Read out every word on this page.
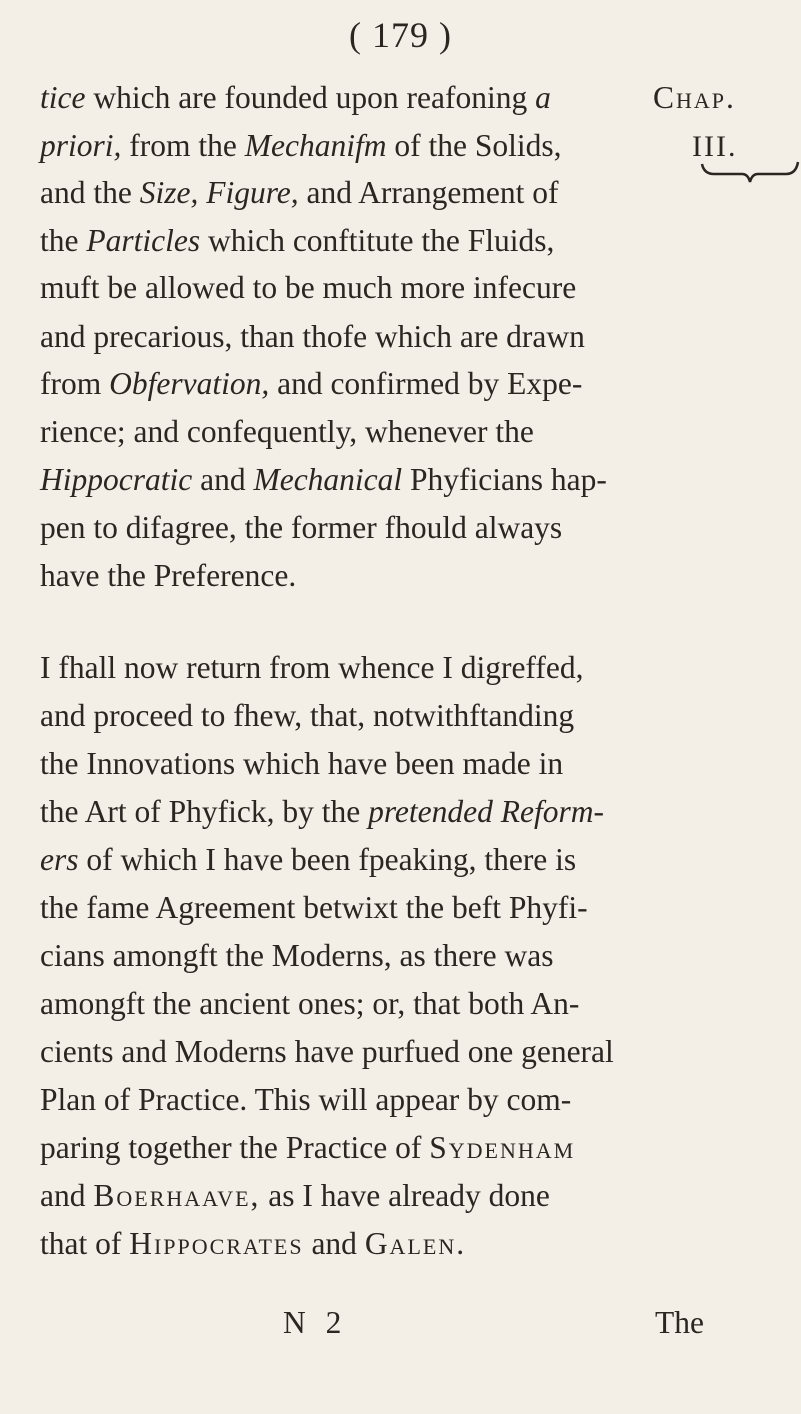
( 179 )
tice which are founded upon reafoning a
priori, from the Mechanifm of the Solids,
and the Size, Figure, and Arrangement of
the Particles which conftitute the Fluids,
muft be allowed to be much more infecure
and precarious, than thofe which are drawn
from Obfervation, and confirmed by Expe-
rience; and confequently, whenever the
Hippocratic and Mechanical Phyficians hap-
pen to difagree, the former fhould always
have the Preference.
I fhall now return from whence I digreffed,
and proceed to fhew, that, notwithftanding
the Innovations which have been made in
the Art of Phyfick, by the pretended Reform-
ers of which I have been fpeaking, there is
the fame Agreement betwixt the beft Phyfi-
cians amongft the Moderns, as there was
amongft the ancient ones; or, that both An-
cients and Moderns have purfued one general
Plan of Practice. This will appear by com-
paring together the Practice of Sydenham
and Boerhaave, as I have already done
that of Hippocrates and Galen.
Chap.
III.
N 2	The
